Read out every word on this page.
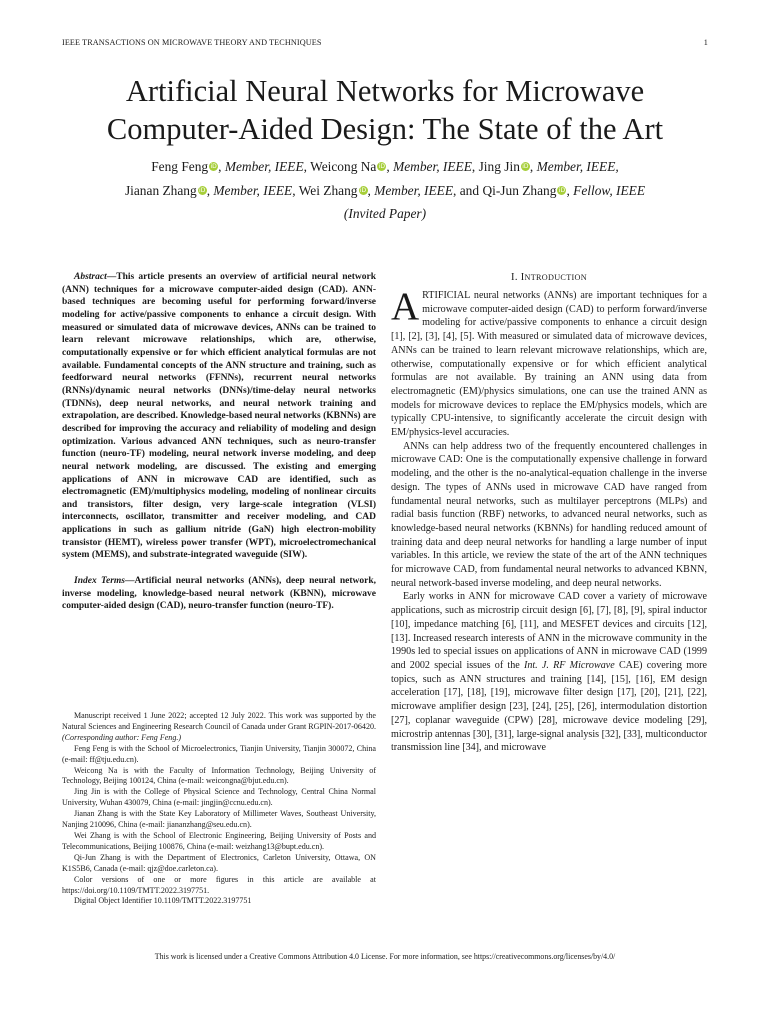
IEEE TRANSACTIONS ON MICROWAVE THEORY AND TECHNIQUES	1
Artificial Neural Networks for Microwave
Computer-Aided Design: The State of the Art
Feng Feng iD, Member, IEEE, Weicong Na iD, Member, IEEE, Jing Jin iD, Member, IEEE,
Jianan Zhang iD, Member, IEEE, Wei Zhang iD, Member, IEEE, and Qi-Jun Zhang iD, Fellow, IEEE
(Invited Paper)

Abstract—This article presents an overview of artificial neural network (ANN) techniques for a microwave computer-aided design (CAD). ANN-based techniques are becoming useful for performing forward/inverse modeling for active/passive components to enhance a circuit design. With measured or simulated data of microwave devices, ANNs can be trained to learn relevant microwave relationships, which are, otherwise, computationally expensive or for which efficient analytical formulas are not available. Fundamental concepts of the ANN structure and training, such as feedforward neural networks (FFNNs), recurrent neural networks (RNNs)/dynamic neural networks (DNNs)/time-delay neural networks (TDNNs), deep neural networks, and neural network training and extrapolation, are described. Knowledge-based neural networks (KBNNs) are described for improving the accuracy and reliability of modeling and design optimization. Various advanced ANN techniques, such as neuro-transfer function (neuro-TF) modeling, neural network inverse modeling, and deep neural network modeling, are discussed. The existing and emerging applications of ANN in microwave CAD are identified, such as electromagnetic (EM)/multiphysics modeling, modeling of nonlinear circuits and transistors, filter design, very large-scale integration (VLSI) interconnects, oscillator, transmitter and receiver modeling, and CAD applications in such as gallium nitride (GaN) high electron-mobility transistor (HEMT), wireless power transfer (WPT), microelectromechanical system (MEMS), and substrate-integrated waveguide (SIW).

Index Terms—Artificial neural networks (ANNs), deep neural network, inverse modeling, knowledge-based neural network (KBNN), microwave computer-aided design (CAD), neuro-transfer function (neuro-TF).

Manuscript received 1 June 2022; accepted 12 July 2022. This work was supported by the Natural Sciences and Engineering Research Council of Canada under Grant RGPIN-2017-06420. (Corresponding author: Feng Feng.)

Feng Feng is with the School of Microelectronics, Tianjin University, Tianjin 300072, China (e-mail: ff@tju.edu.cn).

Weicong Na is with the Faculty of Information Technology, Beijing University of Technology, Beijing 100124, China (e-mail: weicongna@bjut.edu.cn).

Jing Jin is with the College of Physical Science and Technology, Central China Normal University, Wuhan 430079, China (e-mail: jingjin@ccnu.edu.cn).

Jianan Zhang is with the State Key Laboratory of Millimeter Waves, Southeast University, Nanjing 210096, China (e-mail: jiananzhang@seu.edu.cn).

Wei Zhang is with the School of Electronic Engineering, Beijing University of Posts and Telecommunications, Beijing 100876, China (e-mail: weizhang13@bupt.edu.cn).

Qi-Jun Zhang is with the Department of Electronics, Carleton University, Ottawa, ON K1S5B6, Canada (e-mail: qjz@doe.carleton.ca).

Color versions of one or more figures in this article are available at https://doi.org/10.1109/TMTT.2022.3197751.

Digital Object Identifier 10.1109/TMTT.2022.3197751

I. INTRODUCTION

ARTIFICIAL neural networks (ANNs) are important techniques for a microwave computer-aided design (CAD) to perform forward/inverse modeling for active/passive components to enhance a circuit design [1], [2], [3], [4], [5]. With measured or simulated data of microwave devices, ANNs can be trained to learn relevant microwave relationships, which are, otherwise, computationally expensive or for which efficient analytical formulas are not available. By training an ANN using data from electromagnetic (EM)/physics simulations, one can use the trained ANN as models for microwave devices to replace the EM/physics models, which are typically CPU-intensive, to significantly accelerate the circuit design with EM/physics-level accuracies.

ANNs can help address two of the frequently encountered challenges in microwave CAD: One is the computationally expensive challenge in forward modeling, and the other is the no-analytical-equation challenge in the inverse design. The types of ANNs used in microwave CAD have ranged from fundamental neural networks, such as multilayer perceptrons (MLPs) and radial basis function (RBF) networks, to advanced neural networks, such as knowledge-based neural networks (KBNNs) for handling reduced amount of training data and deep neural networks for handling a large number of input variables. In this article, we review the state of the art of the ANN techniques for microwave CAD, from fundamental neural networks to advanced KBNN, neural network-based inverse modeling, and deep neural networks.

Early works in ANN for microwave CAD cover a variety of microwave applications, such as microstrip circuit design [6], [7], [8], [9], spiral inductor [10], impedance matching [6], [11], and MESFET devices and circuits [12], [13]. Increased research interests of ANN in the microwave community in the 1990s led to special issues on applications of ANN in microwave CAD (1999 and 2002 special issues of the Int. J. RF Microwave CAE) covering more topics, such as ANN structures and training [14], [15], [16], EM design acceleration [17], [18], [19], microwave filter design [17], [20], [21], [22], microwave amplifier design [23], [24], [25], [26], intermodulation distortion [27], coplanar waveguide (CPW) [28], microwave device modeling [29], microstrip antennas [30], [31], large-signal analysis [32], [33], multiconductor transmission line [34], and microwave

This work is licensed under a Creative Commons Attribution 4.0 License. For more information, see https://creativecommons.org/licenses/by/4.0/
